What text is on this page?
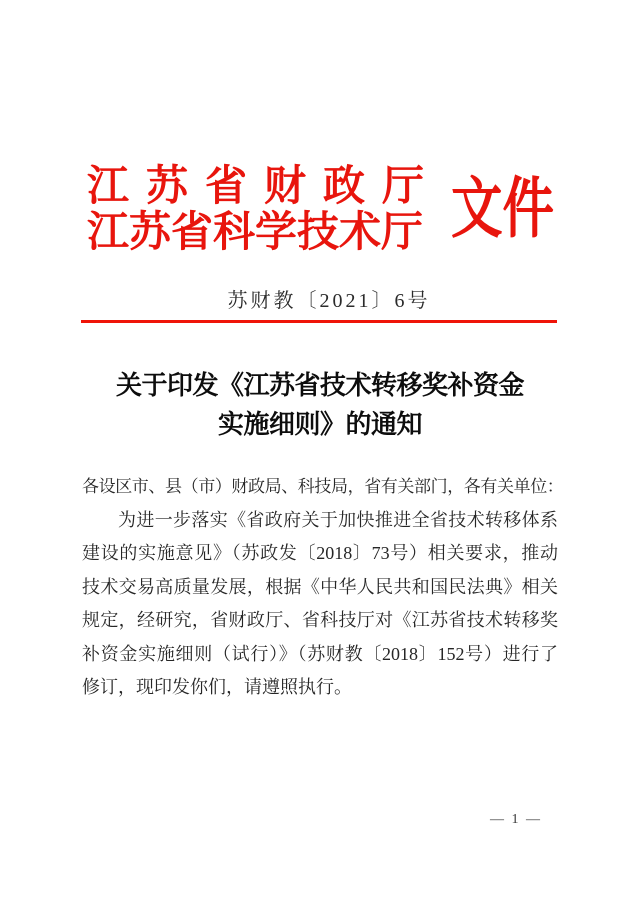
江 苏 省 财 政 厅
江苏省科学技术厅 文件
苏财教〔2021〕6号
关于印发《江苏省技术转移奖补资金
实施细则》的通知
各设区市、县（市）财政局、科技局，省有关部门，各有关单位：

为进一步落实《省政府关于加快推进全省技术转移体系建设的实施意见》（苏政发〔2018〕73号）相关要求，推动技术交易高质量发展，根据《中华人民共和国民法典》相关规定，经研究，省财政厅、省科技厅对《江苏省技术转移奖补资金实施细则（试行）》（苏财教〔2018〕152号）进行了修订，现印发你们，请遵照执行。

— 1 —
